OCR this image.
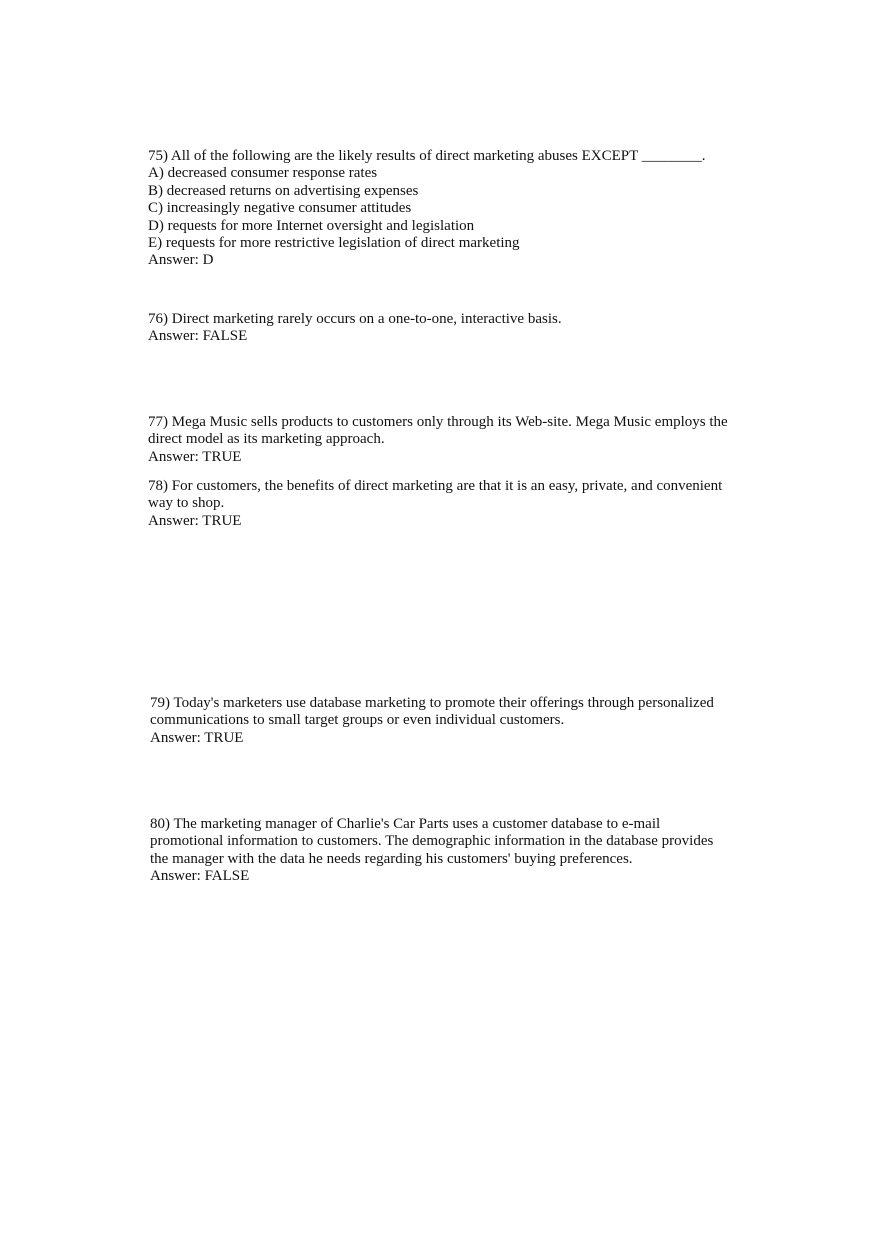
75) All of the following are the likely results of direct marketing abuses EXCEPT ________.
A) decreased consumer response rates
B) decreased returns on advertising expenses
C) increasingly negative consumer attitudes
D) requests for more Internet oversight and legislation
E) requests for more restrictive legislation of direct marketing
Answer: D
76) Direct marketing rarely occurs on a one-to-one, interactive basis.
Answer: FALSE
77) Mega Music sells products to customers only through its Web-site. Mega Music employs the
direct model as its marketing approach.
Answer: TRUE
78) For customers, the benefits of direct marketing are that it is an easy, private, and convenient
way to shop.
Answer: TRUE
79) Today's marketers use database marketing to promote their offerings through personalized
communications to small target groups or even individual customers.
Answer: TRUE
80) The marketing manager of Charlie's Car Parts uses a customer database to e-mail
promotional information to customers. The demographic information in the database provides
the manager with the data he needs regarding his customers' buying preferences.
Answer: FALSE
